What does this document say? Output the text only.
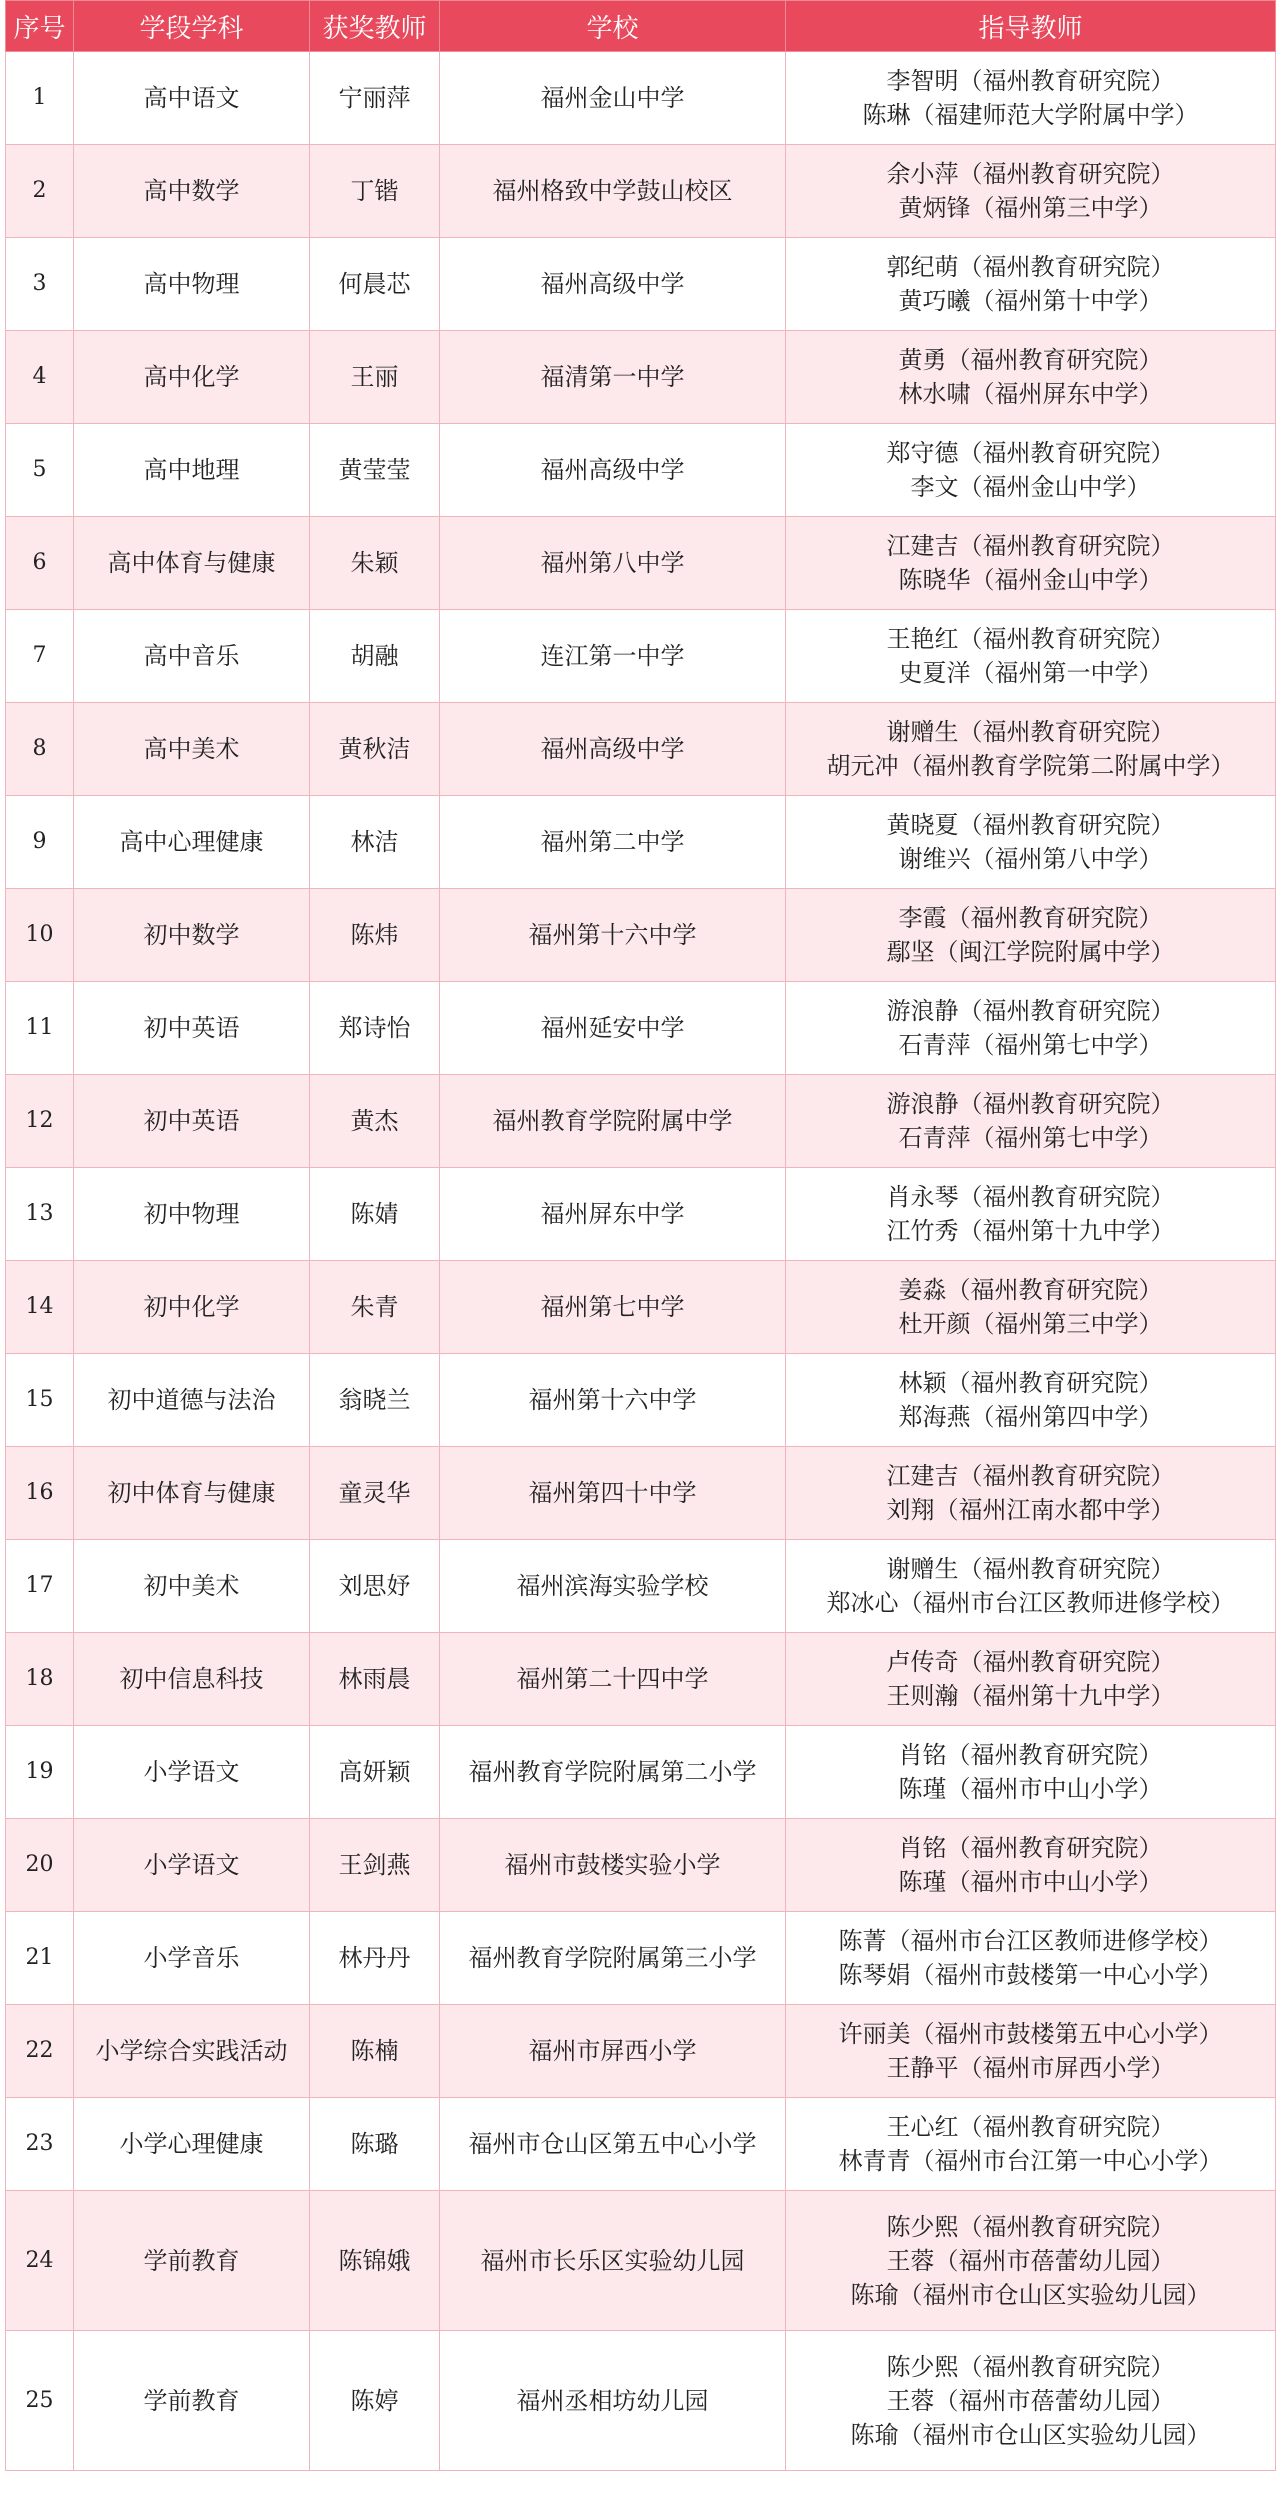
序号	学段学科	获奖教师	学校	指导教师
1	高中语文	宁丽萍	福州金山中学	李智明（福州教育研究院）
陈琳（福建师范大学附属中学）

2	高中数学	丁锴	福州格致中学鼓山校区	余小萍（福州教育研究院）
黄炳锋（福州第三中学）

3	高中物理	何晨芯	福州高级中学	郭纪萌（福州教育研究院）
黄巧曦（福州第十中学）

4	高中化学	王丽	福清第一中学	黄勇（福州教育研究院）
林水啸（福州屏东中学）

5	高中地理	黄莹莹	福州高级中学	郑守德（福州教育研究院）
李文（福州金山中学）

6	高中体育与健康	朱颖	福州第八中学	江建吉（福州教育研究院）
陈晓华（福州金山中学）

7	高中音乐	胡融	连江第一中学	王艳红（福州教育研究院）
史夏洋（福州第一中学）

8	高中美术	黄秋洁	福州高级中学	谢赠生（福州教育研究院）
胡元冲（福州教育学院第二附属中学）

9	高中心理健康	林洁	福州第二中学	黄晓夏（福州教育研究院）
谢维兴（福州第八中学）

10	初中数学	陈炜	福州第十六中学	李霞（福州教育研究院）
鄢坚（闽江学院附属中学）

11	初中英语	郑诗怡	福州延安中学	游浪静（福州教育研究院）
石青萍（福州第七中学）

12	初中英语	黄杰	福州教育学院附属中学	游浪静（福州教育研究院）
石青萍（福州第七中学）

13	初中物理	陈婧	福州屏东中学	肖永琴（福州教育研究院）
江竹秀（福州第十九中学）

14	初中化学	朱青	福州第七中学	姜淼（福州教育研究院）
杜开颜（福州第三中学）

15	初中道德与法治	翁晓兰	福州第十六中学	林颖（福州教育研究院）
郑海燕（福州第四中学）

16	初中体育与健康	童灵华	福州第四十中学	江建吉（福州教育研究院）
刘翔（福州江南水都中学）

17	初中美术	刘思妤	福州滨海实验学校	谢赠生（福州教育研究院）
郑冰心（福州市台江区教师进修学校）

18	初中信息科技	林雨晨	福州第二十四中学	卢传奇（福州教育研究院）
王则瀚（福州第十九中学）

19	小学语文	高妍颖	福州教育学院附属第二小学	肖铭（福州教育研究院）
陈瑾（福州市中山小学）

20	小学语文	王剑燕	福州市鼓楼实验小学	肖铭（福州教育研究院）
陈瑾（福州市中山小学）

21	小学音乐	林丹丹	福州教育学院附属第三小学	陈菁（福州市台江区教师进修学校）
陈琴娟（福州市鼓楼第一中心小学）

22	小学综合实践活动	陈楠	福州市屏西小学	许丽美（福州市鼓楼第五中心小学）
王静平（福州市屏西小学）

23	小学心理健康	陈璐	福州市仓山区第五中心小学	王心红（福州教育研究院）
林青青（福州市台江第一中心小学）

24	学前教育	陈锦娥	福州市长乐区实验幼儿园	陈少熙（福州教育研究院）
王蓉（福州市蓓蕾幼儿园）
陈瑜（福州市仓山区实验幼儿园）

25	学前教育	陈婷	福州丞相坊幼儿园	陈少熙（福州教育研究院）
王蓉（福州市蓓蕾幼儿园）
陈瑜（福州市仓山区实验幼儿园）
